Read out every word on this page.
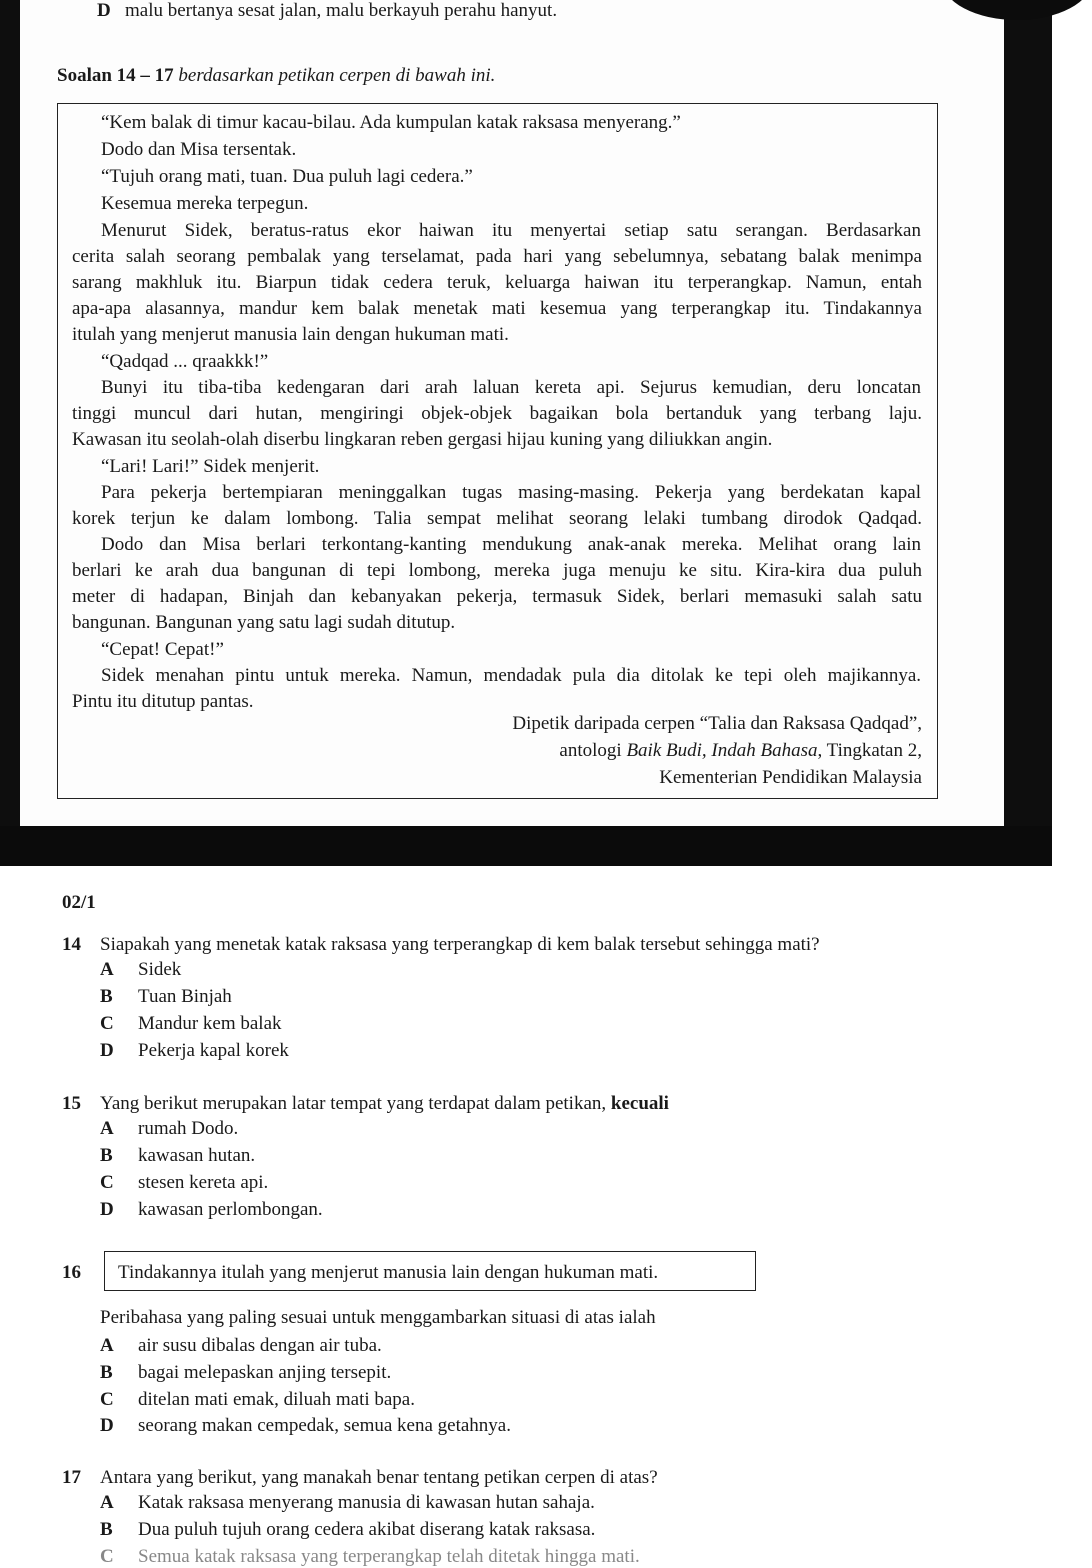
D malu bertanya sesat jalan, malu berkayuh perahu hanyut.
Soalan 14 – 17 berdasarkan petikan cerpen di bawah ini.
“Kem balak di timur kacau-bilau. Ada kumpulan katak raksasa menyerang.”
Dodo dan Misa tersentak.
“Tujuh orang mati, tuan. Dua puluh lagi cedera.”
Kesemua mereka terpegun.
Menurut Sidek, beratus-ratus ekor haiwan itu menyertai setiap satu serangan. Berdasarkan
cerita salah seorang pembalak yang terselamat, pada hari yang sebelumnya, sebatang balak menimpa
sarang makhluk itu. Biarpun tidak cedera teruk, keluarga haiwan itu terperangkap. Namun, entah
apa-apa alasannya, mandur kem balak menetak mati kesemua yang terperangkap itu. Tindakannya
itulah yang menjerut manusia lain dengan hukuman mati.
“Qadqad ... qraakkk!”
Bunyi itu tiba-tiba kedengaran dari arah laluan kereta api. Sejurus kemudian, deru loncatan
tinggi muncul dari hutan, mengiringi objek-objek bagaikan bola bertanduk yang terbang laju.
Kawasan itu seolah-olah diserbu lingkaran reben gergasi hijau kuning yang diliukkan angin.
“Lari! Lari!” Sidek menjerit.
Para pekerja bertempiaran meninggalkan tugas masing-masing. Pekerja yang berdekatan kapal
korek terjun ke dalam lombong. Talia sempat melihat seorang lelaki tumbang dirodok Qadqad.
Dodo dan Misa berlari terkontang-kanting mendukung anak-anak mereka. Melihat orang lain
berlari ke arah dua bangunan di tepi lombong, mereka juga menuju ke situ. Kira-kira dua puluh
meter di hadapan, Binjah dan kebanyakan pekerja, termasuk Sidek, berlari memasuki salah satu
bangunan. Bangunan yang satu lagi sudah ditutup.
“Cepat! Cepat!”
Sidek menahan pintu untuk mereka. Namun, mendadak pula dia ditolak ke tepi oleh majikannya.
Pintu itu ditutup pantas.
Dipetik daripada cerpen “Talia dan Raksasa Qadqad”,
antologi Baik Budi, Indah Bahasa, Tingkatan 2,
Kementerian Pendidikan Malaysia
02/1
14 Siapakah yang menetak katak raksasa yang terperangkap di kem balak tersebut sehingga mati?
A Sidek
B Tuan Binjah
C Mandur kem balak
D Pekerja kapal korek
15 Yang berikut merupakan latar tempat yang terdapat dalam petikan, kecuali
A rumah Dodo.
B kawasan hutan.
C stesen kereta api.
D kawasan perlombongan.
16 Tindakannya itulah yang menjerut manusia lain dengan hukuman mati.
Peribahasa yang paling sesuai untuk menggambarkan situasi di atas ialah
A air susu dibalas dengan air tuba.
B bagai melepaskan anjing tersepit.
C ditelan mati emak, diluah mati bapa.
D seorang makan cempedak, semua kena getahnya.
17 Antara yang berikut, yang manakah benar tentang petikan cerpen di atas?
A Katak raksasa menyerang manusia di kawasan hutan sahaja.
B Dua puluh tujuh orang cedera akibat diserang katak raksasa.
C Semua katak raksasa yang terperangkap telah ditetak hingga mati.
